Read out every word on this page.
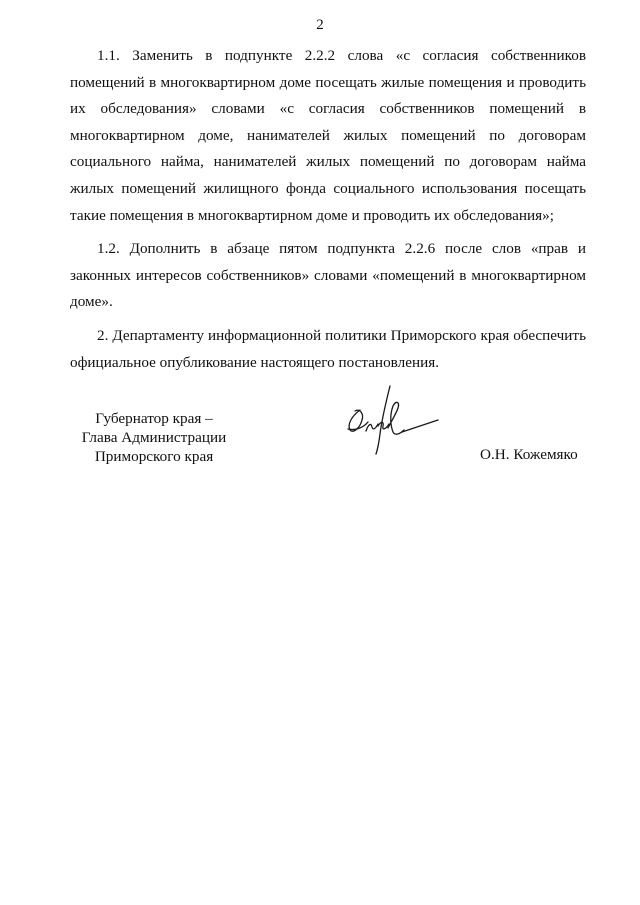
2

1.1. Заменить в подпункте 2.2.2 слова «с согласия собственников помещений в многоквартирном доме посещать жилые помещения и проводить их обследования» словами «с согласия собственников помещений в многоквартирном доме, нанимателей жилых помещений по договорам социального найма, нанимателей жилых помещений по договорам найма жилых помещений жилищного фонда социального использования посещать такие помещения в многоквартирном доме и проводить их обследования»;

1.2. Дополнить в абзаце пятом подпункта 2.2.6 после слов «прав и законных интересов собственников» словами «помещений в многоквартирном доме».

2. Департаменту информационной политики Приморского края обеспечить официальное опубликование настоящего постановления.

Губернатор края –
Глава Администрации
Приморского края	О.Н. Кожемяко
